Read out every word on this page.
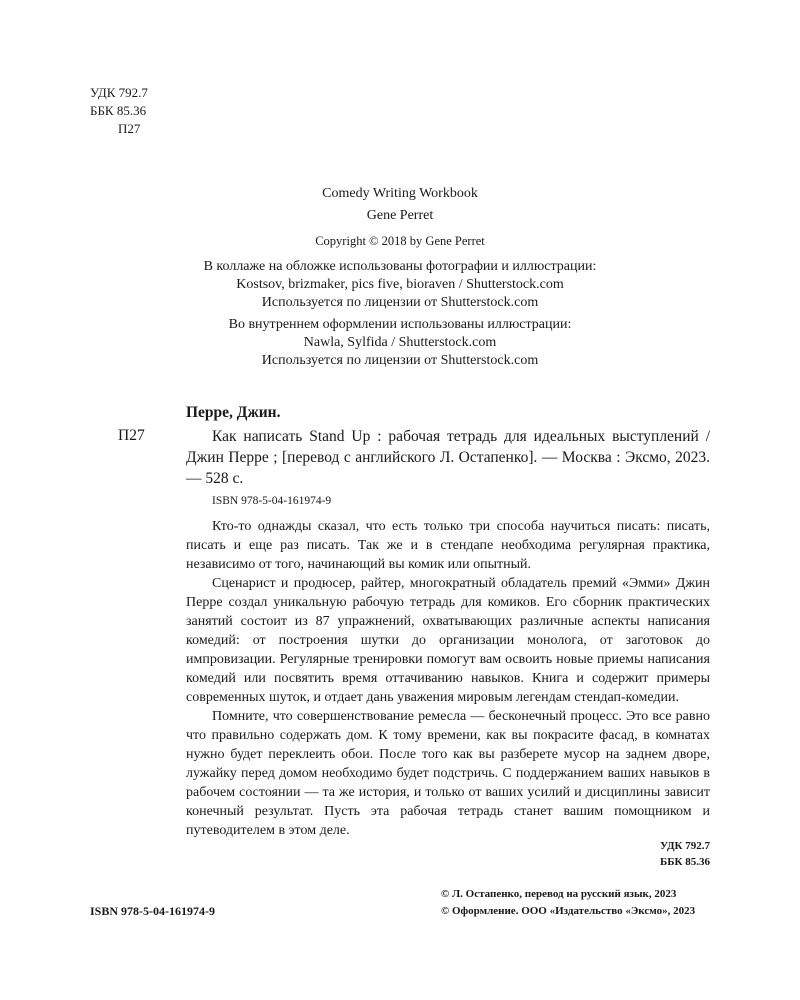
УДК 792.7
ББК 85.36
П27
Comedy Writing Workbook
Gene Perret
Copyright © 2018 by Gene Perret
В коллаже на обложке использованы фотографии и иллюстрации:
Kostsov, brizmaker, pics five, bioraven / Shutterstock.com
Используется по лицензии от Shutterstock.com
Во внутреннем оформлении использованы иллюстрации:
Nawla, Sylfida / Shutterstock.com
Используется по лицензии от Shutterstock.com
Перре, Джин.
П27	Как написать Stand Up : рабочая тетрадь для идеальных выступлений / Джин Перре ; [перевод с английского Л. Остапенко]. — Москва : Эксмо, 2023. — 528 с.
ISBN 978-5-04-161974-9

Кто-то однажды сказал, что есть только три способа научиться писать: писать, писать и еще раз писать. Так же и в стендапе необходима регулярная практика, независимо от того, начинающий вы комик или опытный.

Сценарист и продюсер, райтер, многократный обладатель премий «Эмми» Джин Перре создал уникальную рабочую тетрадь для комиков. Его сборник практических занятий состоит из 87 упражнений, охватывающих различные аспекты написания комедий: от построения шутки до организации монолога, от заготовок до импровизации. Регулярные тренировки помогут вам освоить новые приемы написания комедий или посвятить время оттачиванию навыков. Книга и содержит примеры современных шуток, и отдает дань уважения мировым легендам стендап-комедии.

Помните, что совершенствование ремесла — бесконечный процесс. Это все равно что правильно содержать дом. К тому времени, как вы покрасите фасад, в комнатах нужно будет переклеить обои. После того как вы разберете мусор на заднем дворе, лужайку перед домом необходимо будет подстричь. С поддержанием ваших навыков в рабочем состоянии — та же история, и только от ваших усилий и дисциплины зависит конечный результат. Пусть эта рабочая тетрадь станет вашим помощником и путеводителем в этом деле.

УДК 792.7
ББК 85.36
ISBN 978-5-04-161974-9
© Л. Остапенко, перевод на русский язык, 2023
© Оформление. ООО «Издательство «Эксмо», 2023
